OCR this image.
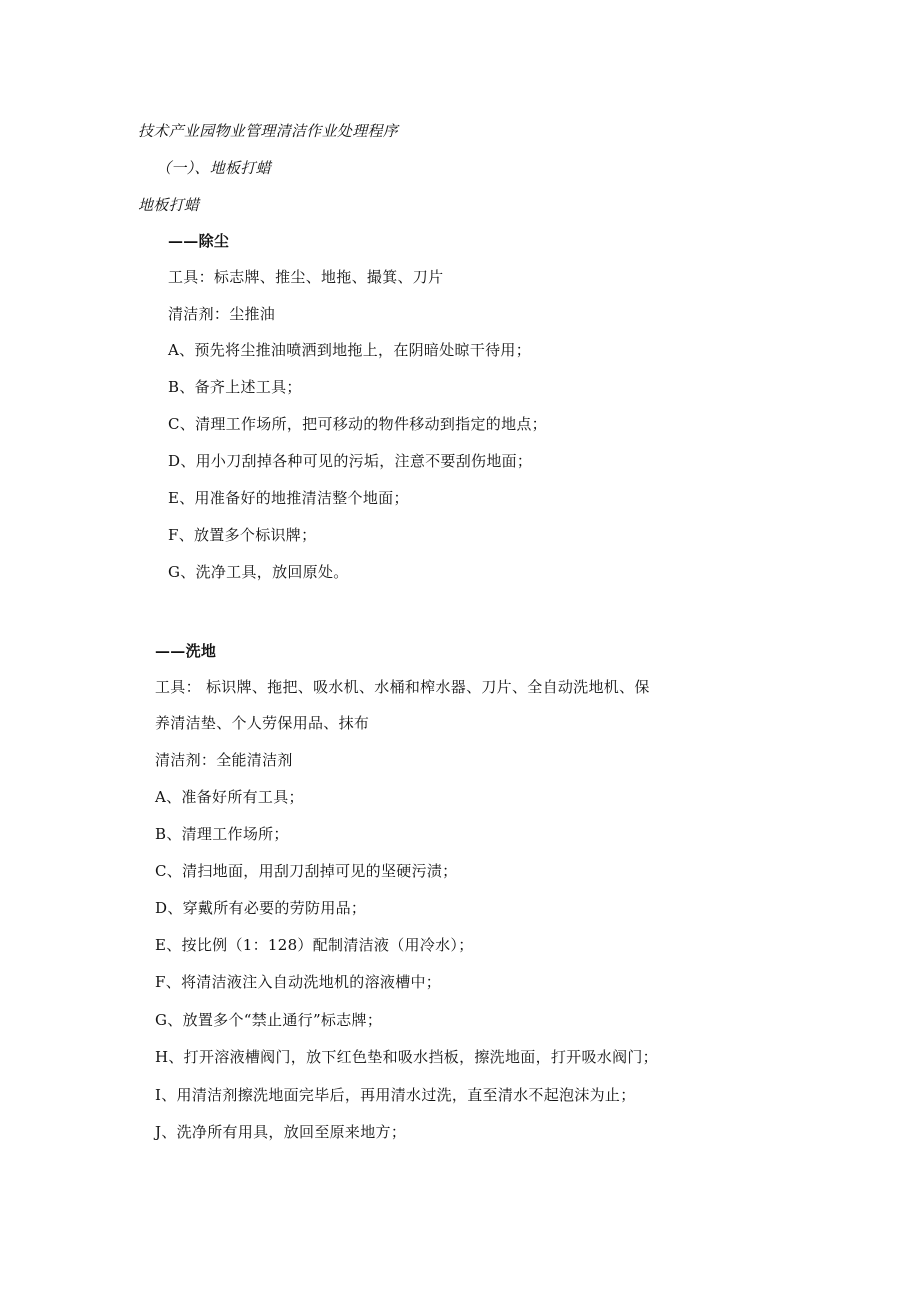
技术产业园物业管理清洁作业处理程序
（一）、地板打蜡
地板打蜡
——除尘
工具：标志牌、推尘、地拖、撮箕、刀片
清洁剂：尘推油
A、预先将尘推油喷洒到地拖上，在阴暗处晾干待用；
B、备齐上述工具；
C、清理工作场所，把可移动的物件移动到指定的地点；
D、用小刀刮掉各种可见的污垢，注意不要刮伤地面；
E、用准备好的地推清洁整个地面；
F、放置多个标识牌；
G、洗净工具，放回原处。
——洗地
工具： 标识牌、拖把、吸水机、水桶和榨水器、刀片、全自动洗地机、保
养清洁垫、个人劳保用品、抹布
清洁剂：全能清洁剂
A、准备好所有工具；
B、清理工作场所；
C、清扫地面，用刮刀刮掉可见的坚硬污渍；
D、穿戴所有必要的劳防用品；
E、按比例（1：128）配制清洁液（用冷水）；
F、将清洁液注入自动洗地机的溶液槽中；
G、放置多个“禁止通行”标志牌；
H、打开溶液槽阀门，放下红色垫和吸水挡板，擦洗地面，打开吸水阀门；
I、用清洁剂擦洗地面完毕后，再用清水过洗，直至清水不起泡沫为止；
J、洗净所有用具，放回至原来地方；
